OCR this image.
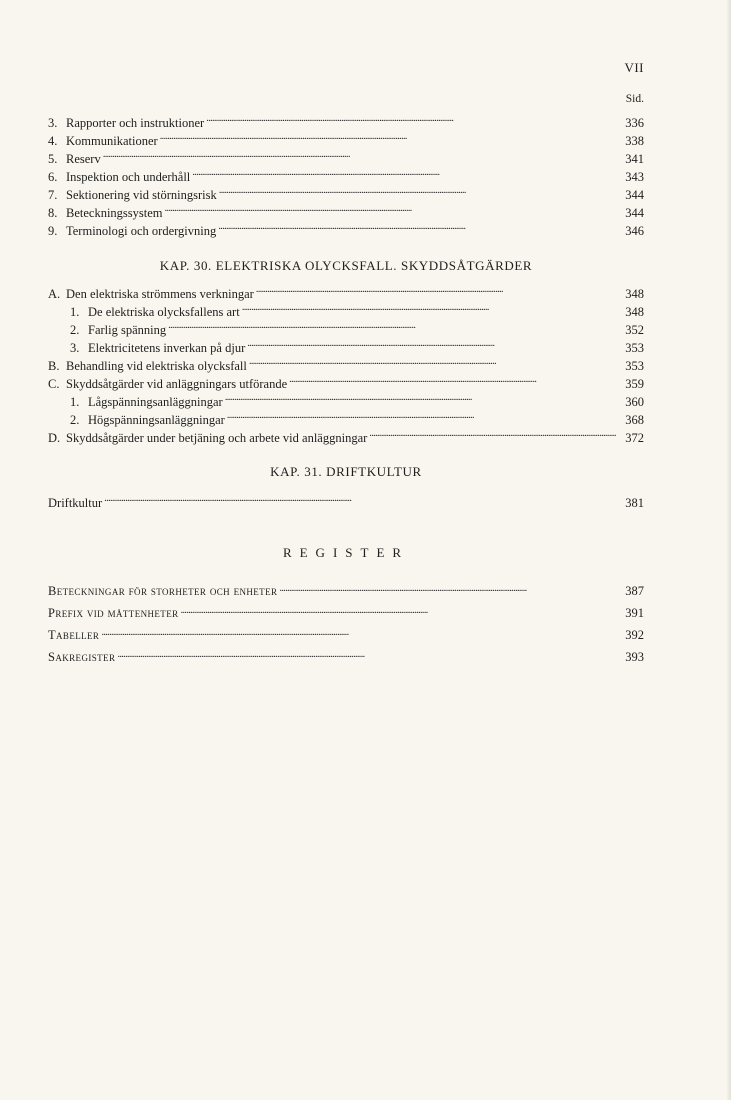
VII
Sid.
3. Rapporter och instruktioner . . .	336
4. Kommunikationer . . .	338
5. Reserv . . .	341
6. Inspektion och underhåll . . .	343
7. Sektionering vid störningsrisk . . .	344
8. Beteckningssystem . . .	344
9. Terminologi och ordergivning . . .	346
KAP. 30. ELEKTRISKA OLYCKSFALL. SKYDDSÅTGÄRDER
A. Den elektriska strömmens verkningar . . .	348
1. De elektriska olycksfallens art . . .	348
2. Farlig spänning . . .	352
3. Elektricitetens inverkan på djur . . .	353
B. Behandling vid elektriska olycksfall . . .	353
C. Skyddsåtgärder vid anläggningars utförande . . .	359
1. Lågspänningsanläggningar . . .	360
2. Högspänningsanläggningar . . .	368
D. Skyddsåtgärder under betjäning och arbete vid anläggningar . . .	372
KAP. 31. DRIFTKULTUR
Driftkultur . . .	381
REGISTER
Beteckningar för storheter och enheter . . .	387
Prefix vid måttenheter . . .	391
Tabeller . . .	392
Sakregister . . .	393
